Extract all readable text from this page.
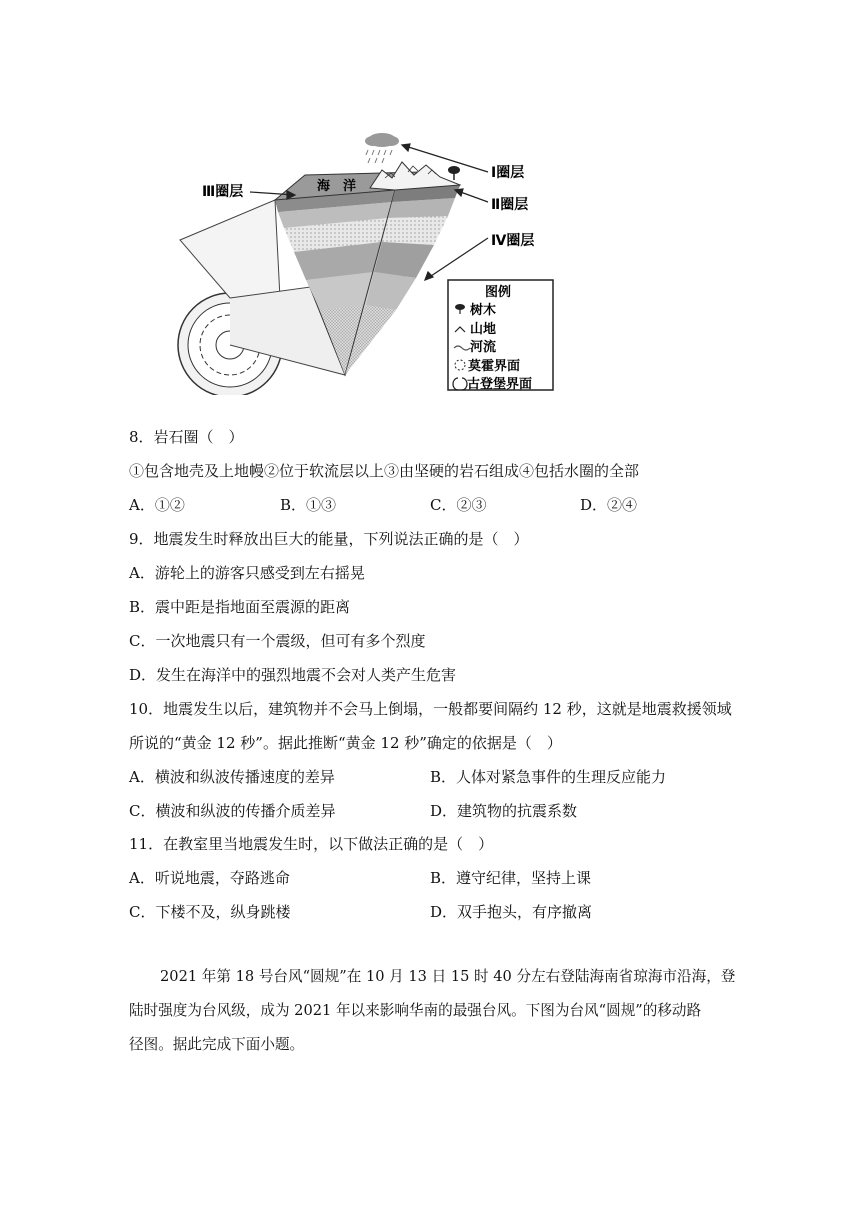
Ⅰ圈层
Ⅱ圈层
Ⅲ圈层
Ⅳ圈层
海　洋
图例
树木
山地
河流
莫霍界面
古登堡界面
8．岩石圈（　）
①包含地壳及上地幔②位于软流层以上③由坚硬的岩石组成④包括水圈的全部
A．①②	B．①③	C．②③	D．②④
9．地震发生时释放出巨大的能量，下列说法正确的是（　）
A．游轮上的游客只感受到左右摇晃
B．震中距是指地面至震源的距离
C．一次地震只有一个震级，但可有多个烈度
D．发生在海洋中的强烈地震不会对人类产生危害
10．地震发生以后，建筑物并不会马上倒塌，一般都要间隔约 12 秒，这就是地震救援领域
所说的“黄金 12 秒”。据此推断“黄金 12 秒”确定的依据是（　）
A．横波和纵波传播速度的差异	B．人体对紧急事件的生理反应能力
C．横波和纵波的传播介质差异	D．建筑物的抗震系数
11．在教室里当地震发生时，以下做法正确的是（　）
A．听说地震，夺路逃命	B．遵守纪律，坚持上课
C．下楼不及，纵身跳楼	D．双手抱头，有序撤离
2021 年第 18 号台风“圆规”在 10 月 13 日 15 时 40 分左右登陆海南省琼海市沿海，登
陆时强度为台风级，成为 2021 年以来影响华南的最强台风。下图为台风“圆规”的移动路
径图。据此完成下面小题。
